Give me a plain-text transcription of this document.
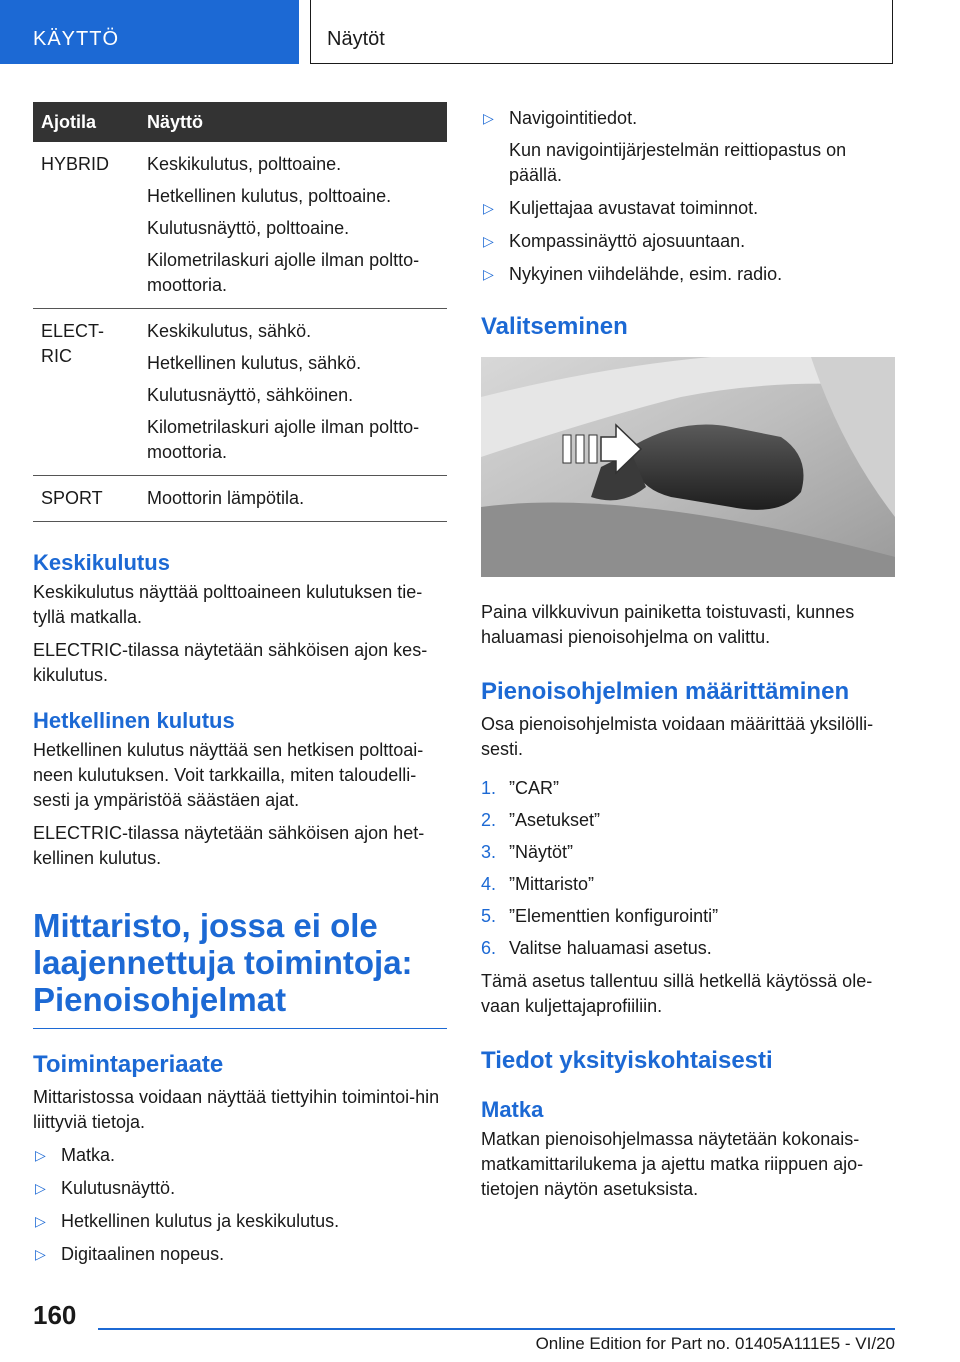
KÄYTTÖ	Näytöt
Ajotila	Näyttö
HYBRID	Keskikulutus, polttoaine.

Hetkellinen kulutus, polttoaine.

Kulutusnäyttö, polttoaine.

Kilometrilaskuri ajolle ilman poltto-moottoria.

ELECT-RIC	Keskikulutus, sähkö.

Hetkellinen kulutus, sähkö.

Kulutusnäyttö, sähköinen.

Kilometrilaskuri ajolle ilman poltto-moottoria.

SPORT	Moottorin lämpötila.

Keskikulutus

Keskikulutus näyttää polttoaineen kulutuksen tie-tyllä matkalla.

ELECTRIC-tilassa näytetään sähköisen ajon kes-kikulutus.

Hetkellinen kulutus

Hetkellinen kulutus näyttää sen hetkisen polttoai-neen kulutuksen. Voit tarkkailla, miten taloudelli-sesti ja ympäristöä säästäen ajat.

ELECTRIC-tilassa näytetään sähköisen ajon het-kellinen kulutus.

Mittaristo, jossa ei ole laajennettuja toimintoja: Pienoisohjelmat
Toimintaperiaate

Mittaristossa voidaan näyttää tiettyihin toimintoi-hin liittyviä tietoja.

▷ Matka.
▷ Kulutusnäyttö.
▷ Hetkellinen kulutus ja keskikulutus.
▷ Digitaalinen nopeus.
▷ Navigointitiedot.
Kun navigointijärjestelmän reittiopastus on päällä.
▷ Kuljettajaa avustavat toiminnot.
▷ Kompassinäyttö ajosuuntaan.
▷ Nykyinen viihdelähde, esim. radio.
Valitseminen

Paina vilkkuvivun painiketta toistuvasti, kunnes haluamasi pienoisohjelma on valittu.

Pienoisohjelmien määrittäminen

Osa pienoisohjelmista voidaan määrittää yksilölli-sesti.

1. ”CAR”
2. ”Asetukset”
3. ”Näytöt”
4. ”Mittaristo”
5. ”Elementtien konfigurointi”
6. Valitse haluamasi asetus.

Tämä asetus tallentuu sillä hetkellä käytössä ole-vaan kuljettajaprofiiliin.

Tiedot yksityiskohtaisesti
Matka

Matkan pienoisohjelmassa näytetään kokonais-matkamittarilukema ja ajettu matka riippuen ajo-tietojen näytön asetuksista.

160
Online Edition for Part no. 01405A111E5 - VI/20
